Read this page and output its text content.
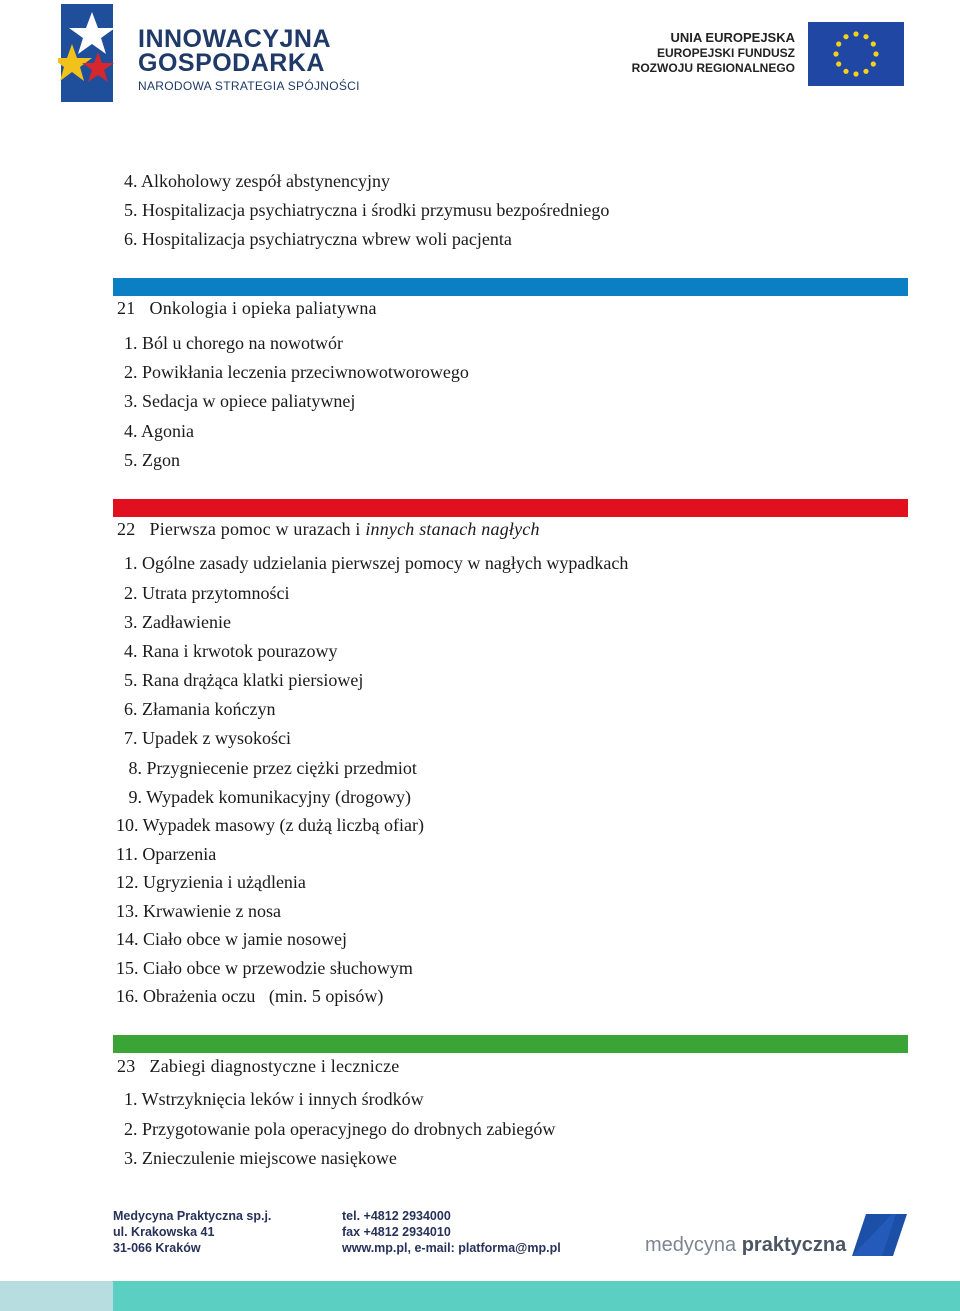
INNOWACYJNA
GOSPODARKA
NARODOWA STRATEGIA SPÓJNOŚCI
UNIA EUROPEJSKA
EUROPEJSKI FUNDUSZ
ROZWOJU REGIONALNEGO
4. Alkoholowy zespół abstynencyjny
5. Hospitalizacja psychiatryczna i środki przymusu bezpośredniego
6. Hospitalizacja psychiatryczna wbrew woli pacjenta
21   Onkologia i opieka paliatywna
1. Ból u chorego na nowotwór
2. Powikłania leczenia przeciwnowotworowego
3. Sedacja w opiece paliatywnej
4. Agonia
5. Zgon
22   Pierwsza pomoc w urazach i innych stanach nagłych
1. Ogólne zasady udzielania pierwszej pomocy w nagłych wypadkach
2. Utrata przytomności
3. Zadławienie
4. Rana i krwotok pourazowy
5. Rana drążąca klatki piersiowej
6. Złamania kończyn
7. Upadek z wysokości
8. Przygniecenie przez ciężki przedmiot
9. Wypadek komunikacyjny (drogowy)
10. Wypadek masowy (z dużą liczbą ofiar)
11. Oparzenia
12. Ugryzienia i użądlenia
13. Krwawienie z nosa
14. Ciało obce w jamie nosowej
15. Ciało obce w przewodzie słuchowym
16. Obrażenia oczu   (min. 5 opisów)
23   Zabiegi diagnostyczne i lecznicze
1. Wstrzyknięcia leków i innych środków
2. Przygotowanie pola operacyjnego do drobnych zabiegów
3. Znieczulenie miejscowe nasiękowe
Medycyna Praktyczna sp.j.
ul. Krakowska 41
31-066 Kraków
tel. +4812 2934000
fax +4812 2934010
www.mp.pl, e-mail: platforma@mp.pl	medycyna praktyczna
